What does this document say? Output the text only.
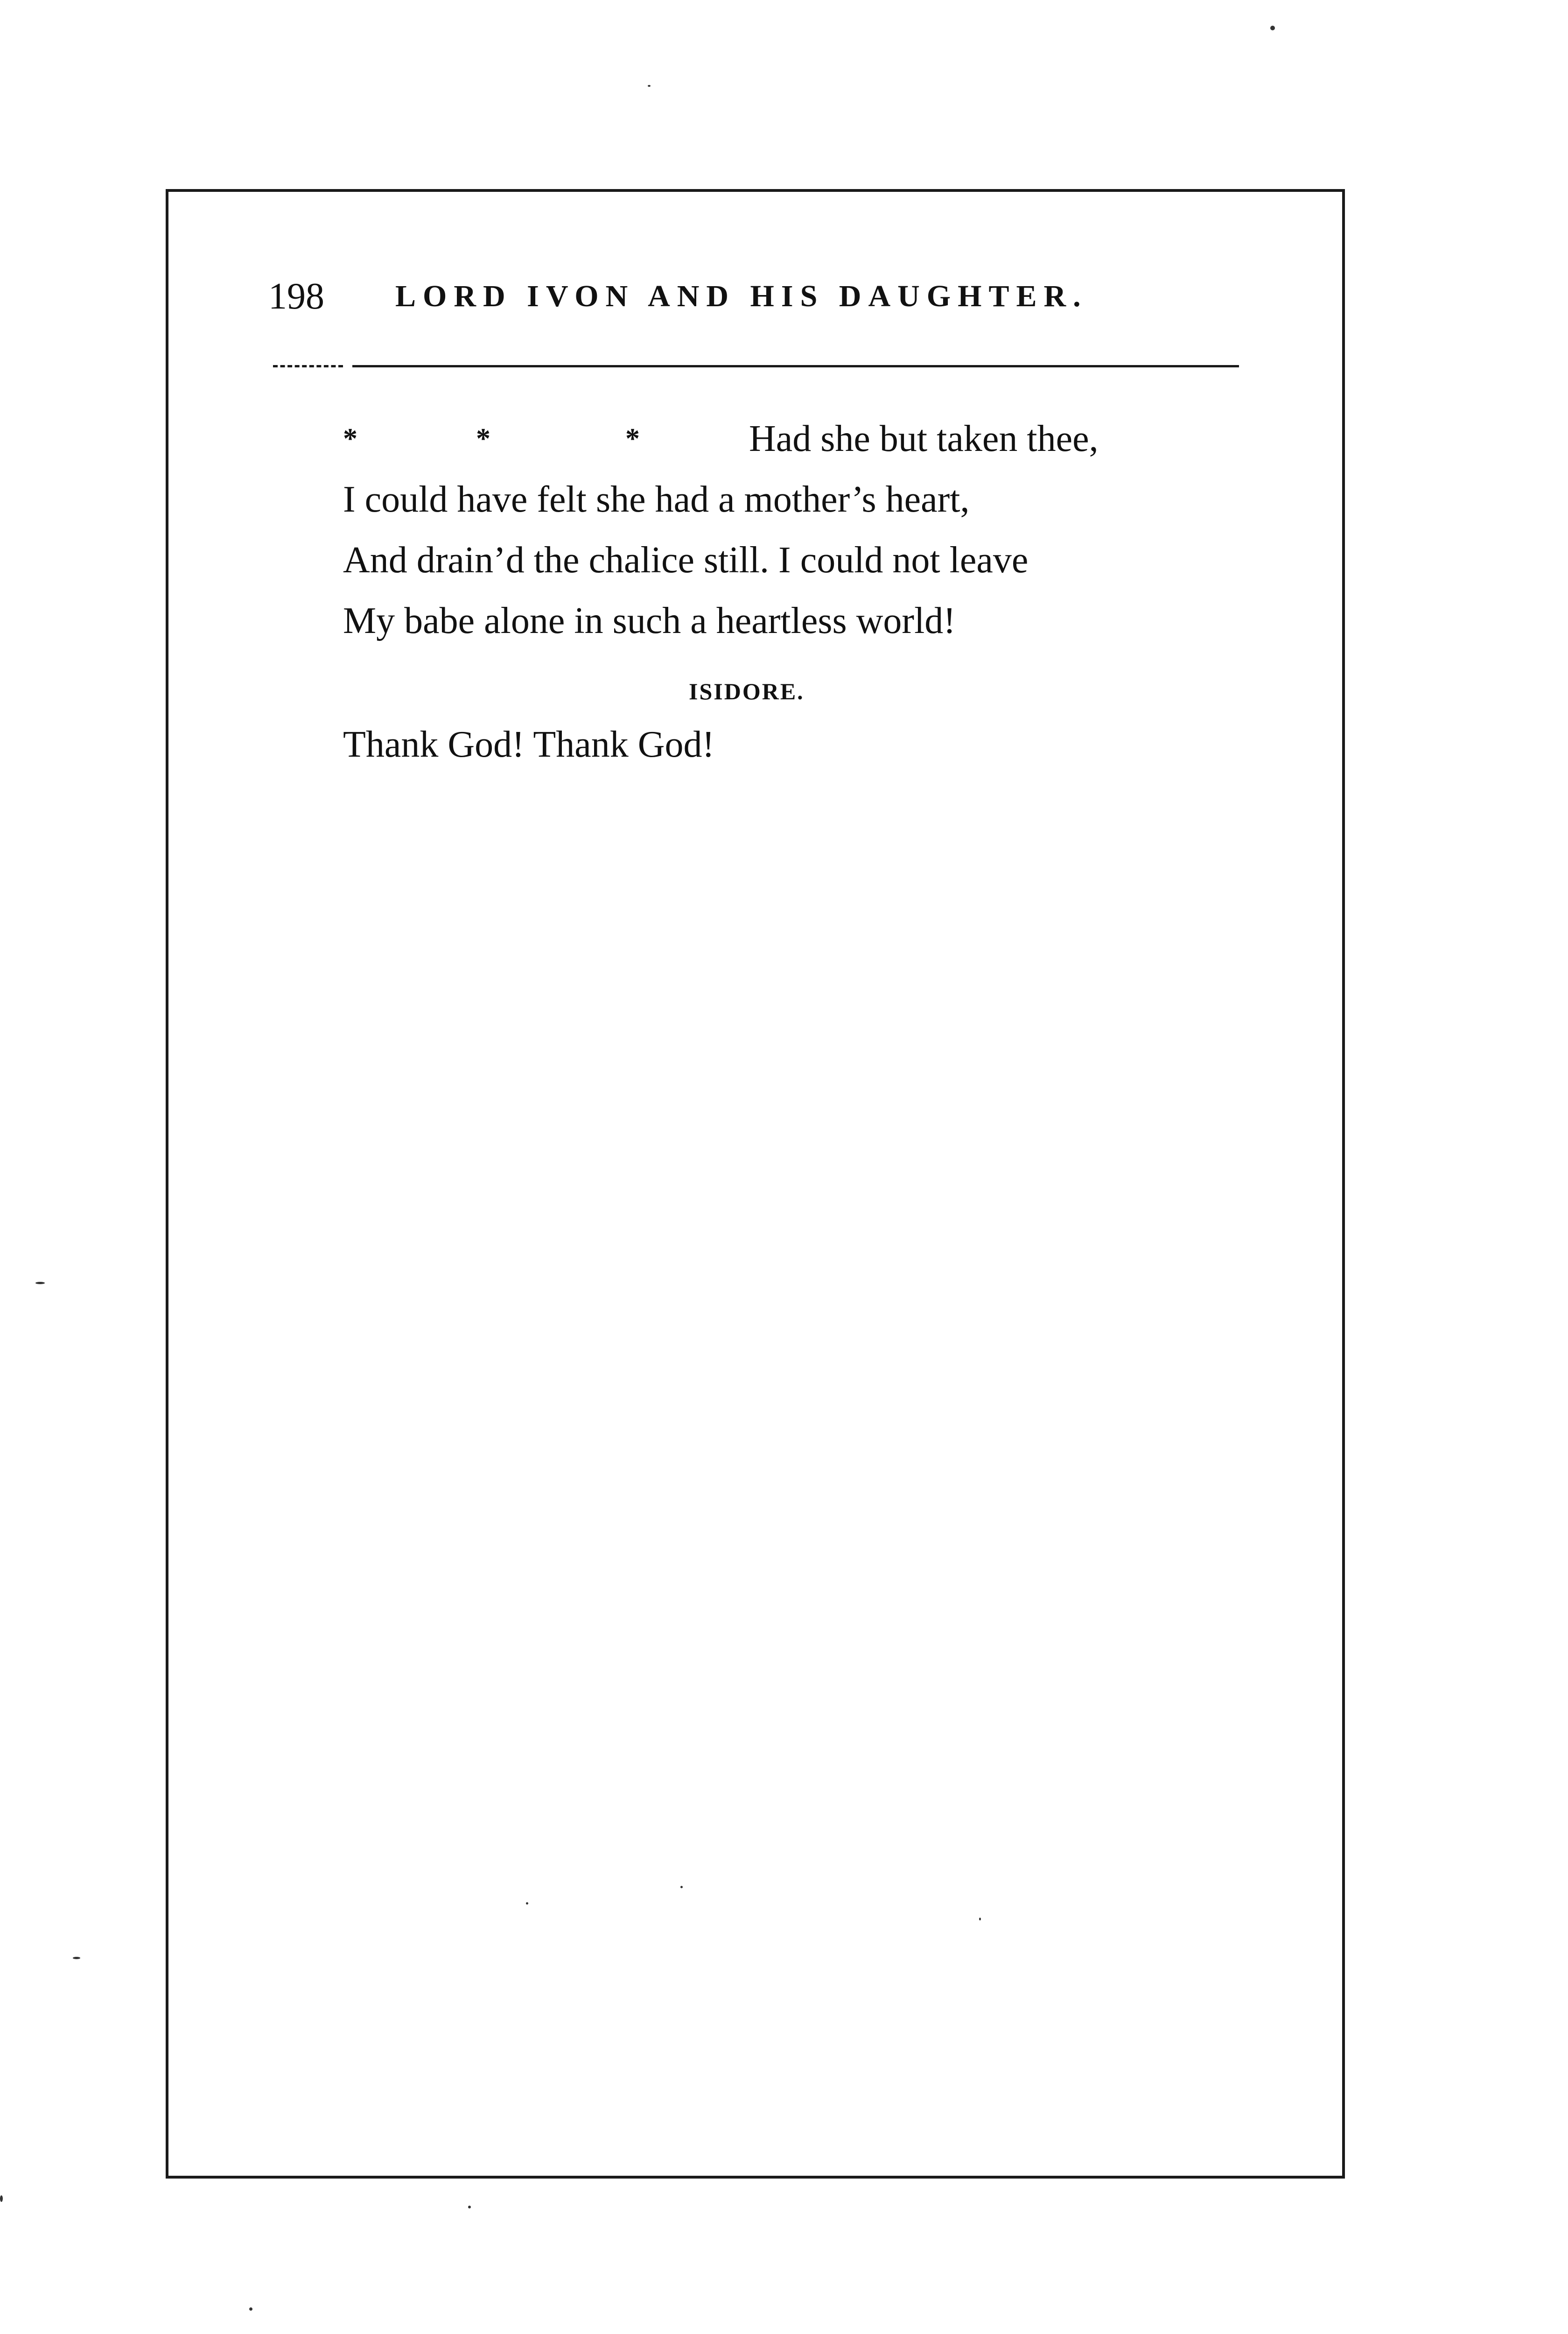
198 LORD IVON AND HIS DAUGHTER.
*	*	*	Had she but taken thee,
I could have felt she had a mother’s heart,
And drain’d the chalice still. I could not leave
My babe alone in such a heartless world!
ISIDORE.
Thank God! Thank God!
